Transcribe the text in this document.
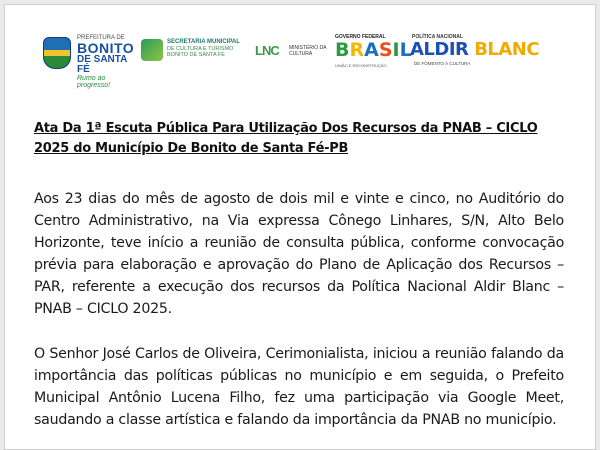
PREFEITURA DE
BONITO
DE SANTA FÉ
Rumo ao progresso!
SECRETARIA MUNICIPAL
DE CULTURA E TURISMO
BONITO DE SANTA FÉ	LNC MINISTÉRIO DA
CULTURA
GOVERNO FEDERAL
BRASIL
UNIÃO E RECONSTRUÇÃO
POLÍTICA NACIONAL
ALDIR BLANC
DE FOMENTO À CULTURA
Ata Da 1ª Escuta Pública Para Utilização Dos Recursos da PNAB – CICLO 2025 do Município De Bonito de Santa Fé-PB
Aos 23 dias do mês de agosto de dois mil e vinte e cinco, no Auditório do Centro Administrativo, na Via expressa Cônego Linhares, S/N, Alto Belo Horizonte, teve início a reunião de consulta pública, conforme convocação prévia para elaboração e aprovação do Plano de Aplicação dos Recursos – PAR, referente a execução dos recursos da Política Nacional Aldir Blanc – PNAB – CICLO 2025.
O Senhor José Carlos de Oliveira, Cerimonialista, iniciou a reunião falando da importância das políticas públicas no município e em seguida, o Prefeito Municipal Antônio Lucena Filho, fez uma participação via Google Meet, saudando a classe artística e falando da importância da PNAB no município.
